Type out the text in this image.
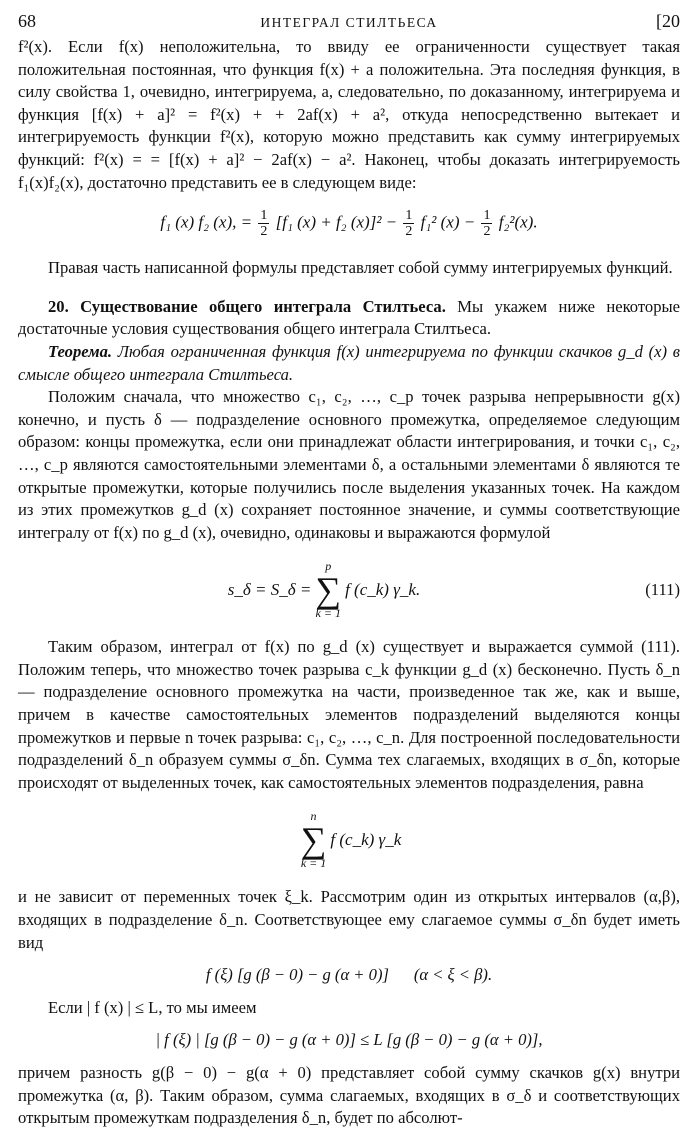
68	ИНТЕГРАЛ СТИЛТЬЕСА	[20

f²(x). Если f(x) неположительна, то ввиду ее ограниченности существует такая положительная постоянная, что функция f(x) + a положительна. Эта последняя функция, в силу свойства 1, очевидно, интегрируема, а, следовательно, по доказанному, интегрируема и функция [f(x) + a]² = f²(x) + + 2af(x) + a², откуда непосредственно вытекает и интегрируемость функции f²(x), которую можно представить как сумму интегрируемых функций: f²(x) = = [f(x) + a]² − 2af(x) − a². Наконец, чтобы доказать интегрируемость f₁(x)f₂(x), достаточно представить ее в следующем виде:

f₁ (x) f₂ (x), = $\frac{1}{2} [f_1$ (x) + f₂ $(x)]^2 - \frac{1}{2} f_1^2$ $(x) - \frac{1}{2} f_2^2(x)$.

Правая часть написанной формулы представляет собой сумму интегрируемых функций.

20. Существование общего интеграла Стилтьеса. Мы укажем ниже некоторые достаточные условия существования общего интеграла Стилтьеса.

Теорема. Любая ограниченная функция f(x) интегрируема по функции скачков g_d (x) в смысле общего интеграла Стилтьеса.

Положим сначала, что множество c₁, c₂, …, c_p точек разрыва непрерывности g(x) конечно, и пусть δ — подразделение основного промежутка, определяемое следующим образом: концы промежутка, если они принадлежат области интегрирования, и точки c₁, c₂, …, c_p являются самостоятельными элементами δ, а остальными элементами δ являются те открытые промежутки, которые получились после выделения указанных точек. На каждом из этих промежутков g_d (x) сохраняет постоянное значение, и суммы соответствующие интегралу от f(x) по g_d (x), очевидно, одинаковы и выражаются формулой

s_δ = S_δ =
p
∑
k = 1
f (c_k) γ_k.	(111)

Таким образом, интеграл от f(x) по g_d (x) существует и выражается суммой (111). Положим теперь, что множество точек разрыва c_k функции g_d (x) бесконечно. Пусть δ_n — подразделение основного промежутка на части, произведенное так же, как и выше, причем в качестве самостоятельных элементов подразделений выделяются концы промежутков и первые n точек разрыва: c₁, c₂, …, c_n. Для построенной последовательности подразделений δ_n образуем суммы σ_δn. Сумма тех слагаемых, входящих в σ_δn, которые происходят от выделенных точек, как самостоятельных элементов подразделения, равна

n
∑
k = 1
f (c_k) γ_k

и не зависит от переменных точек ξ_k. Рассмотрим один из открытых интервалов (α,β), входящих в подразделение δ_n. Соответствующее ему слагаемое суммы σ_δn будет иметь вид

f (ξ) [g (β − 0) − g (α + 0)]      (α < ξ < β).

Если | f (x) | ≤ L, то мы имеем

| f (ξ) | [g (β − 0) − g (α + 0)] ≤ L [g (β − 0) − g (α + 0)],

причем разность g(β − 0) − g(α + 0) представляет собой сумму скачков g(x) внутри промежутка (α, β). Таким образом, сумма слагаемых, входящих в σ_δ и соответствующих открытым промежуткам подразделения δ_n, будет по абсолют-
